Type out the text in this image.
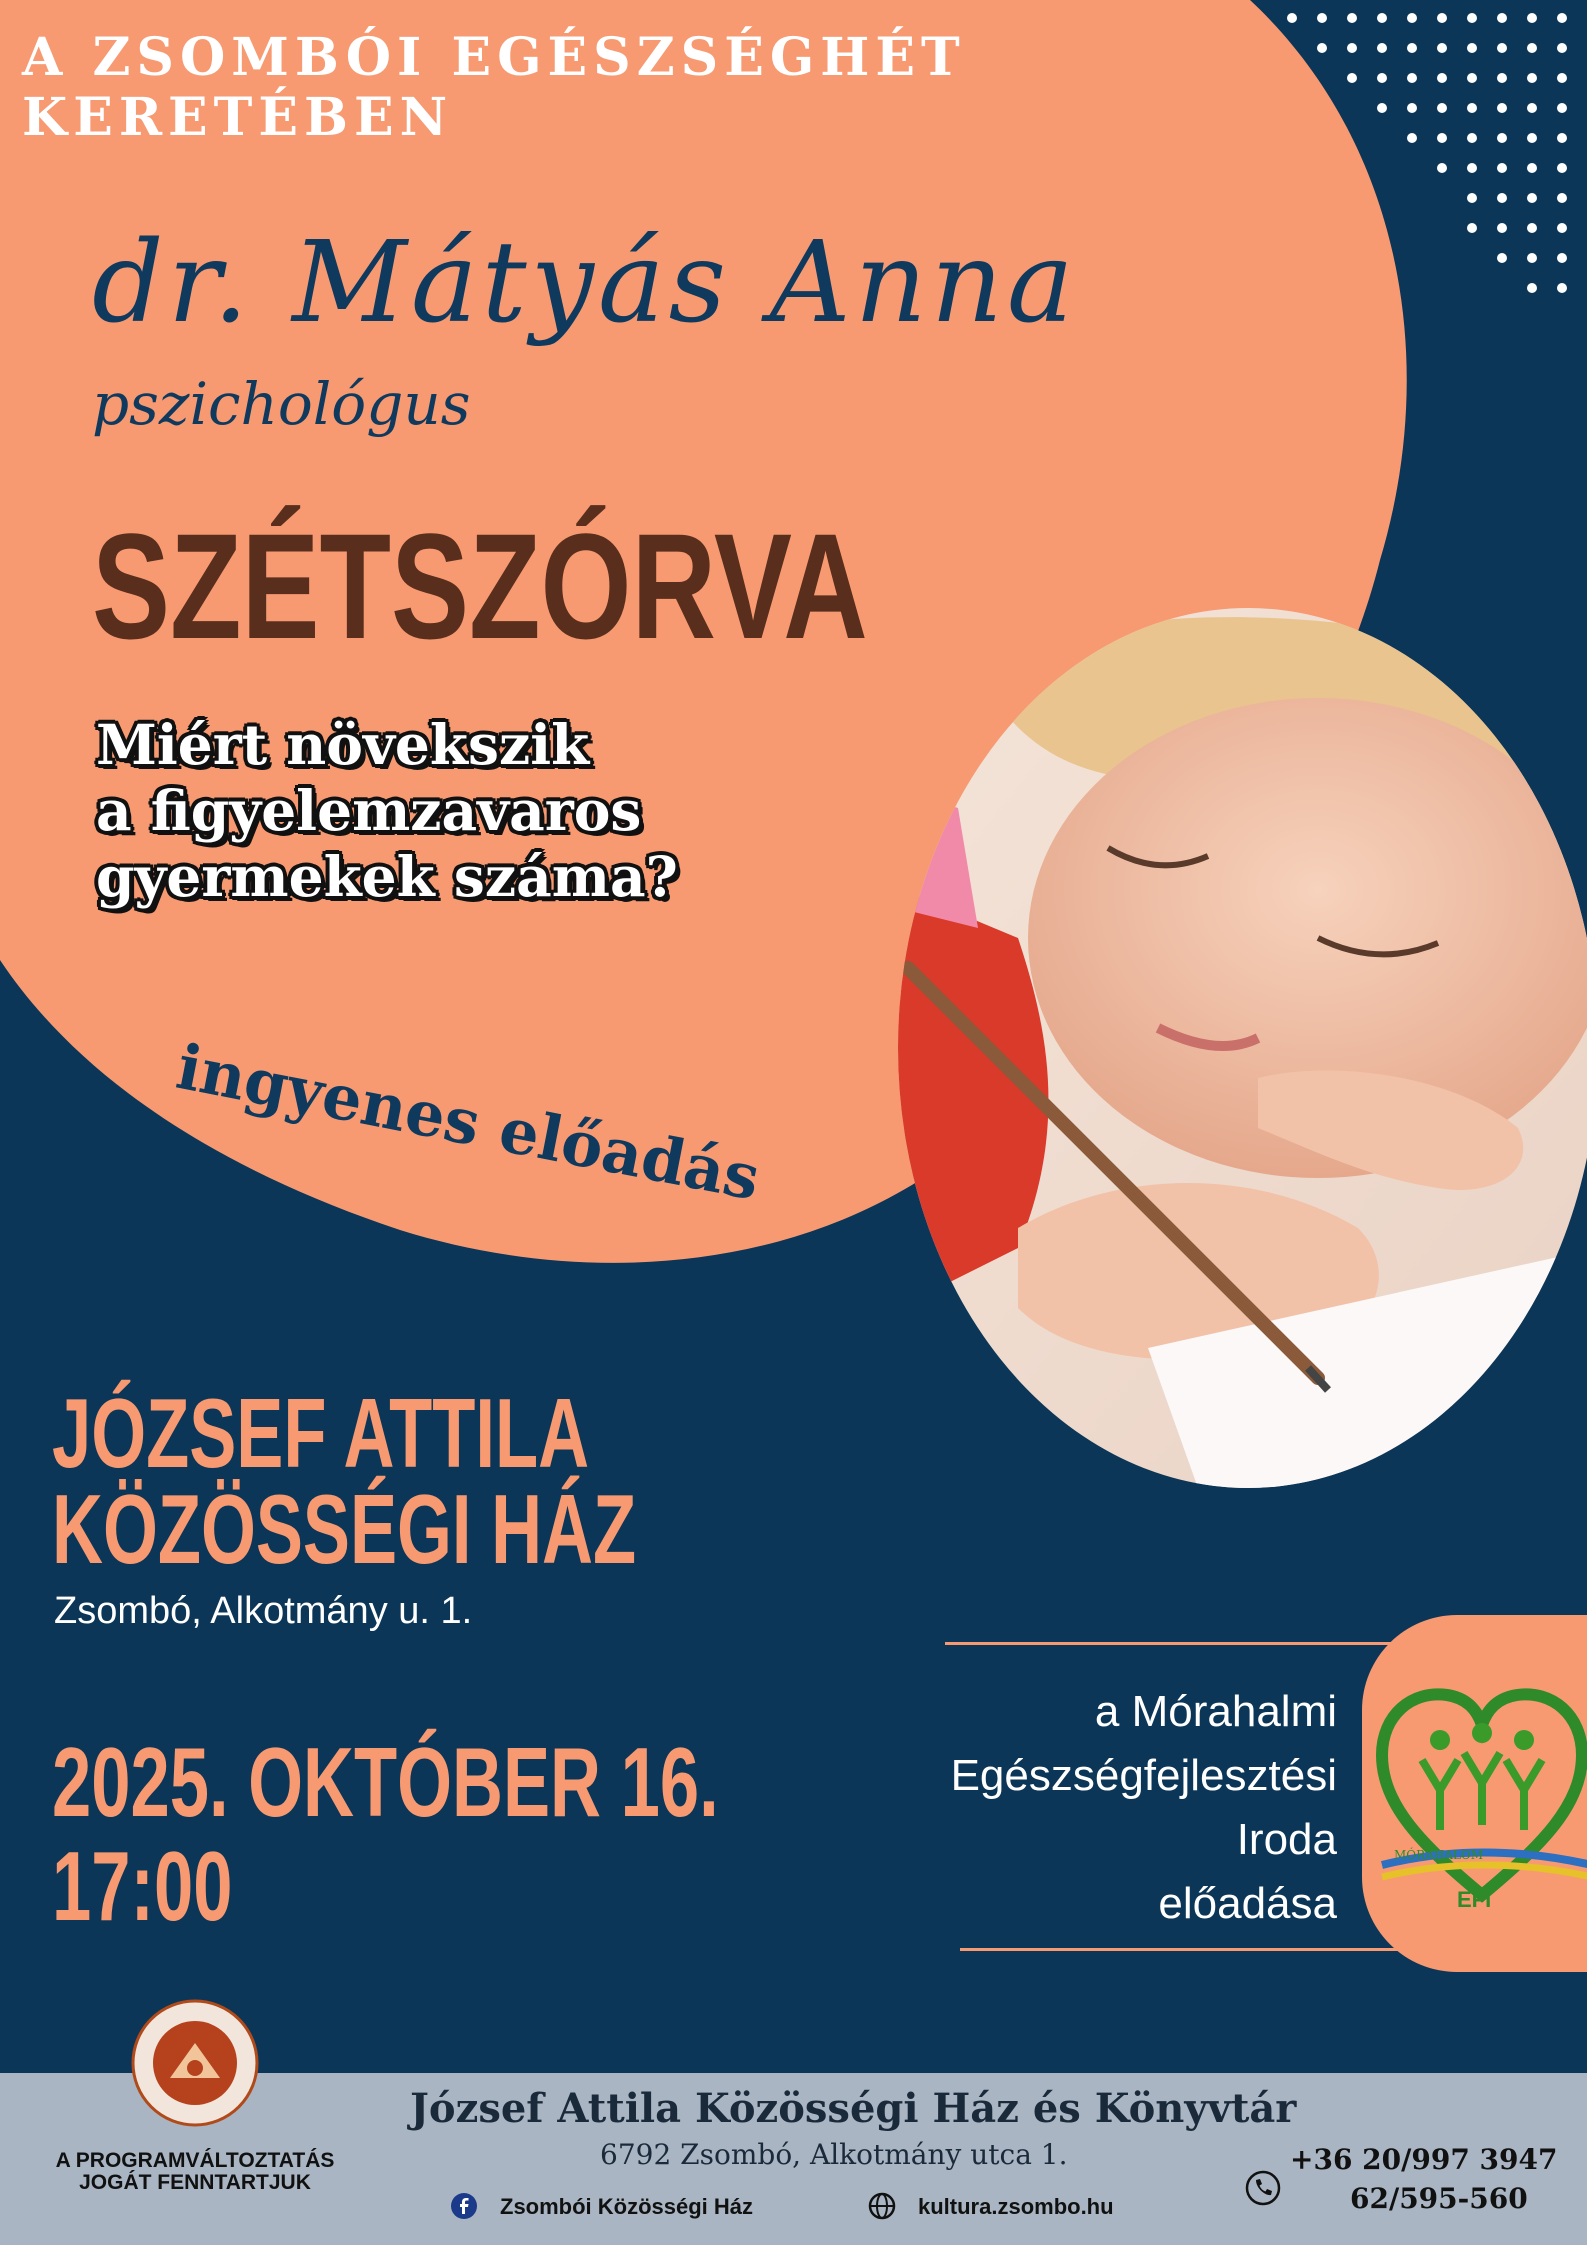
A ZSOMBÓI EGÉSZSÉGHÉT
KERETÉBEN
dr. Mátyás Anna
pszichológus
SZÉTSZÓRVA
Miért növekszik
a figyelemzavaros
gyermekek száma?
ingyenes előadás
JÓZSEF ATTILA
KÖZÖSSÉGI HÁZ
Zsombó, Alkotmány u. 1.
2025. OKTÓBER 16.
17:00
a Mórahalmi
Egészségfejlesztési
Iroda
előadása
MÓRAHALOM
EFI
József Attila Közösségi Ház és Könyvtár
6792 Zsombó, Alkotmány utca 1.
A PROGRAMVÁLTOZTATÁS
JOGÁT FENNTARTJUK
Zsombói Közösségi Ház	kultura.zsombo.hu
+36 20/997 3947
62/595-560
